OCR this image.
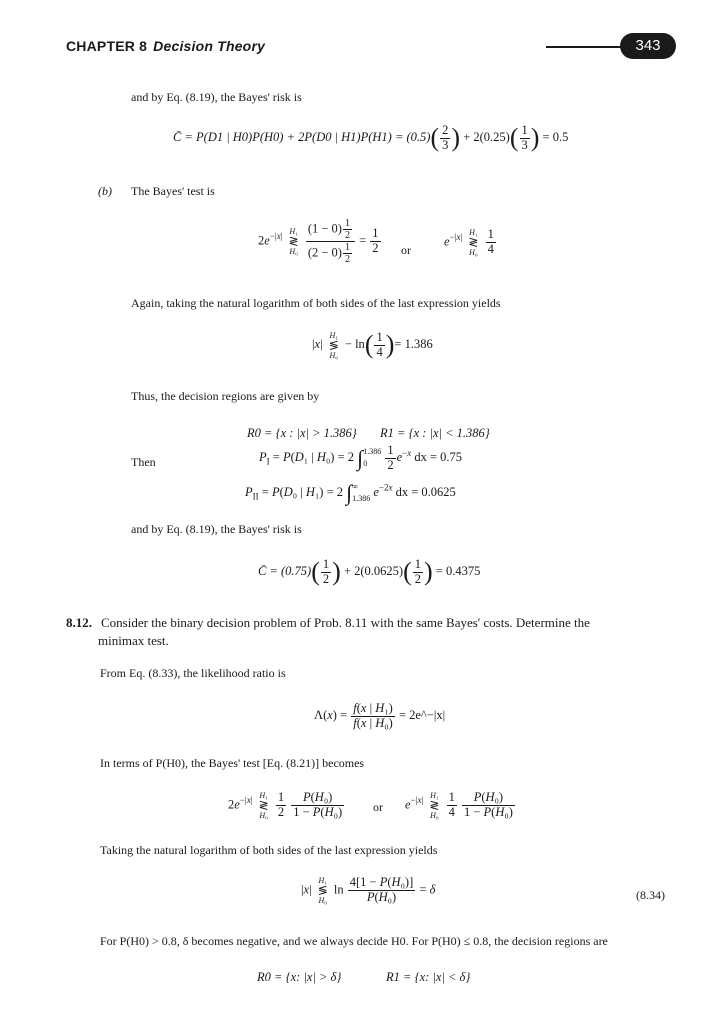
CHAPTER 8 Decision Theory	343
and by Eq. (8.19), the Bayes' risk is
C̄ = P(D1 | H0)P(H0) + 2P(D0 | $H1)P(H1) = (0.5)( \frac{2}{3}$ ) + $2(0.25)( \frac{1}{3}$ ) = 0.5
(b) The Bayes' test is
$2e^{-|x|}$ H₁
≷
$H_0 \frac{(1 - 0) \frac{1}{2}}{(2 - 0) \frac{1}{2}} = \frac{1}{2}$ or
$e^{-|x|}$ H₁
≷
$H_0 \frac{1}{4}$
Again, taking the natural logarithm of both sides of the last expression yields
|x| H₁
≶
$H_0 - \ln( \frac{1}{4}$ )= 1.386
Thus, the decision regions are given by
R0 = {x : |x| > 1.386} R1 = {x : |x| < 1.386}
Then	$P_I = P(D_1$ | H₀) = 2 ∫1.386
$0 \frac{1}{2} e^{-x}$ dx = 0.75
$P_{II} = P(D_0$ | H₁) = 2 ∫∞
1.386 $e^{-2x}$ dx = 0.0625
and by Eq. (8.19), the Bayes' risk is
C̄ = $(0.75)( \frac{1}{2}$ ) + $2(0.0625)( \frac{1}{2}$ ) = 0.4375
8.12. Consider the binary decision problem of Prob. 8.11 with the same Bayes' costs. Determine the
minimax test.
From Eq. (8.33), the likelihood ratio is
$\Lambda(x) = \frac{\text{f(x | H₁)}}{\text{f(x | H₀)}}$ = 2e^−|x|
In terms of P(H0), the Bayes' test [Eq. (8.21)] becomes
$2e^{-|x|}$ H₁
≷
$H_0 \frac{1}{2}$
$\frac{\text{P(H₀)}}{\text{1 − P(H₀)}}$ or $e^{-|x|}$ H₁
≷
$H_0 \frac{1}{4}$
$\frac{\text{P(H₀)}}{\text{1 − P(H₀)}}$
Taking the natural logarithm of both sides of the last expression yields
|x| H₁
≶
H₀ $\ln \frac{\text{4[1 − P(H₀)]}}{\text{P(H₀)}} = \delta$	(8.34)
For P(H0) > 0.8, δ becomes negative, and we always decide H0. For P(H0) ≤ 0.8, the decision regions are
R0 = {x: |x| > δ}	R1 = {x: |x| < δ}
